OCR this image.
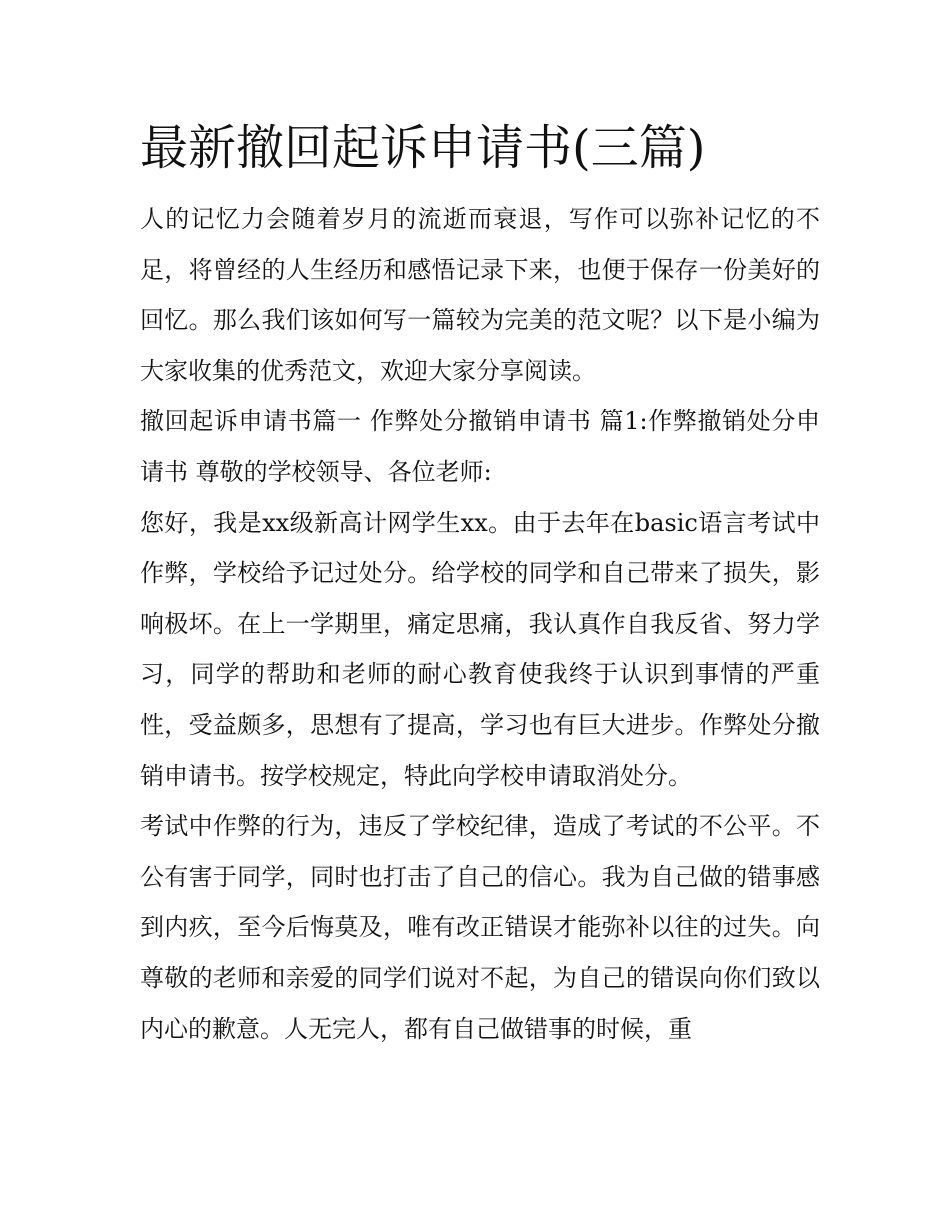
最新撤回起诉申请书(三篇)

人的记忆力会随着岁月的流逝而衰退，写作可以弥补记忆的不足，将曾经的人生经历和感悟记录下来，也便于保存一份美好的回忆。那么我们该如何写一篇较为完美的范文呢？以下是小编为大家收集的优秀范文，欢迎大家分享阅读。

撤回起诉申请书篇一 作弊处分撤销申请书 篇1:作弊撤销处分申请书 尊敬的学校领导、各位老师:

您好，我是xx级新高计网学生xx。由于去年在basic语言考试中作弊，学校给予记过处分。给学校的同学和自己带来了损失，影响极坏。在上一学期里，痛定思痛，我认真作自我反省、努力学习，同学的帮助和老师的耐心教育使我终于认识到事情的严重性，受益颇多，思想有了提高，学习也有巨大进步。作弊处分撤销申请书。按学校规定，特此向学校申请取消处分。

考试中作弊的行为，违反了学校纪律，造成了考试的不公平。不公有害于同学，同时也打击了自己的信心。我为自己做的错事感到内疚，至今后悔莫及，唯有改正错误才能弥补以往的过失。向尊敬的老师和亲爱的同学们说对不起，为自己的错误向你们致以内心的歉意。人无完人，都有自己做错事的时候，重
